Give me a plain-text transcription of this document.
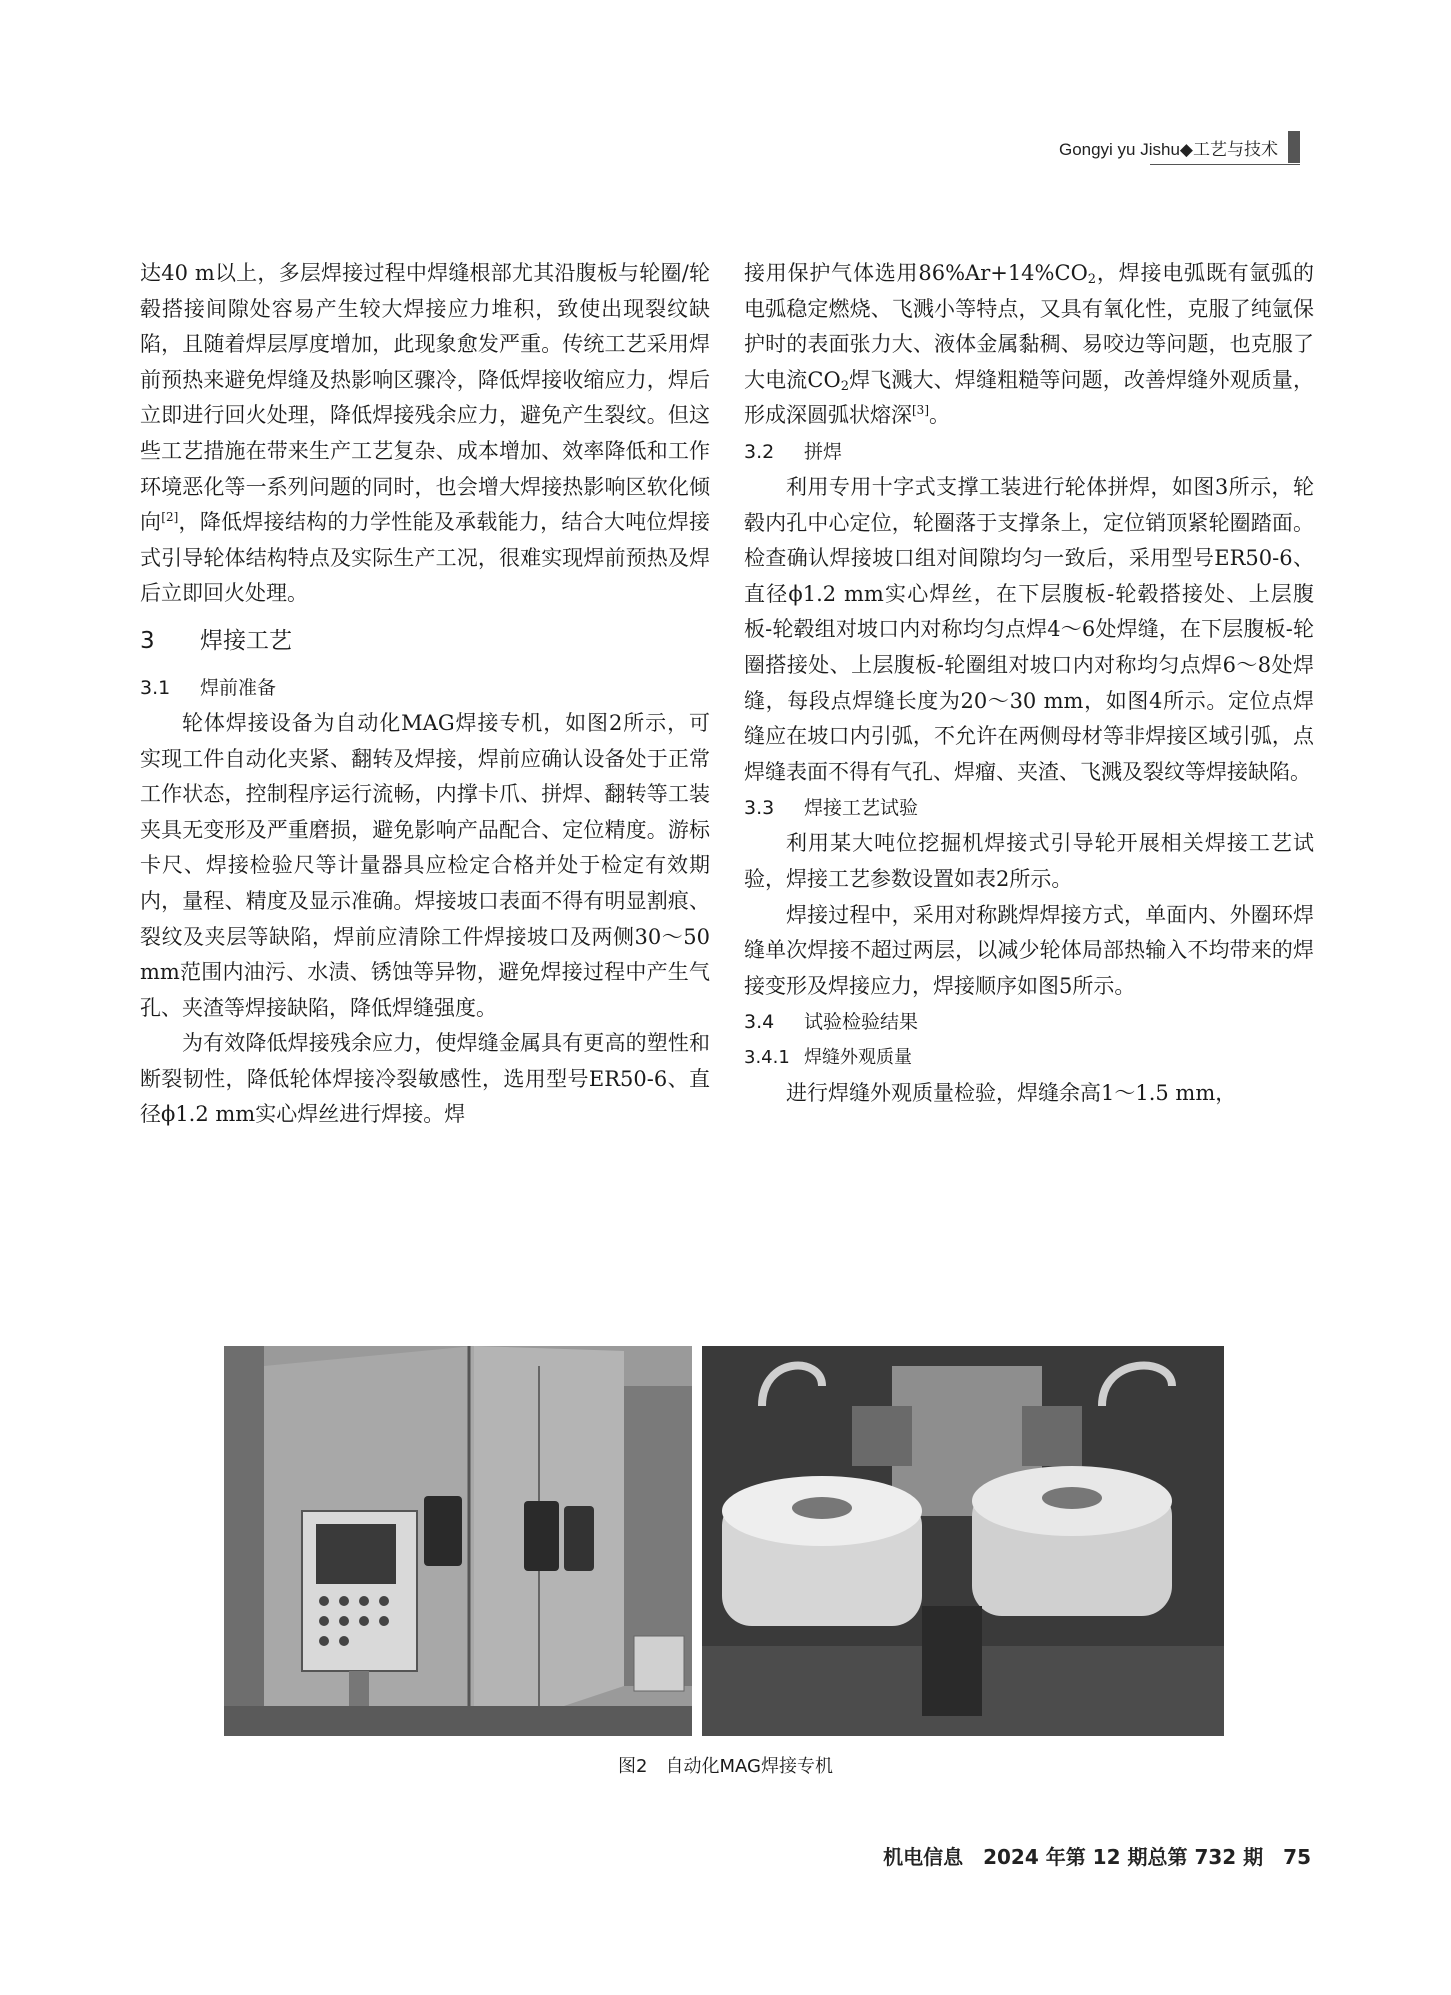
Gongyi yu Jishu◆工艺与技术

达40 m以上，多层焊接过程中焊缝根部尤其沿腹板与轮圈/轮毂搭接间隙处容易产生较大焊接应力堆积，致使出现裂纹缺陷，且随着焊层厚度增加，此现象愈发严重。传统工艺采用焊前预热来避免焊缝及热影响区骤冷，降低焊接收缩应力，焊后立即进行回火处理，降低焊接残余应力，避免产生裂纹。但这些工艺措施在带来生产工艺复杂、成本增加、效率降低和工作环境恶化等一系列问题的同时，也会增大焊接热影响区软化倾向[2]，降低焊接结构的力学性能及承载能力，结合大吨位焊接式引导轮体结构特点及实际生产工况，很难实现焊前预热及焊后立即回火处理。

3 焊接工艺
3.1 焊前准备

轮体焊接设备为自动化MAG焊接专机，如图2所示，可实现工件自动化夹紧、翻转及焊接，焊前应确认设备处于正常工作状态，控制程序运行流畅，内撑卡爪、拼焊、翻转等工装夹具无变形及严重磨损，避免影响产品配合、定位精度。游标卡尺、焊接检验尺等计量器具应检定合格并处于检定有效期内，量程、精度及显示准确。焊接坡口表面不得有明显割痕、裂纹及夹层等缺陷，焊前应清除工件焊接坡口及两侧30～50 mm范围内油污、水渍、锈蚀等异物，避免焊接过程中产生气孔、夹渣等焊接缺陷，降低焊缝强度。

为有效降低焊接残余应力，使焊缝金属具有更高的塑性和断裂韧性，降低轮体焊接冷裂敏感性，选用型号ER50-6、直径ϕ1.2 mm实心焊丝进行焊接。焊

接用保护气体选用$86\%Ar+14\%CO_2$，焊接电弧既有氩弧的电弧稳定燃烧、飞溅小等特点，又具有氧化性，克服了纯氩保护时的表面张力大、液体金属黏稠、易咬边等问题，也克服了大电流$CO_2$焊飞溅大、焊缝粗糙等问题，改善焊缝外观质量，形成深圆弧状熔深[3]。

3.2 拼焊

利用专用十字式支撑工装进行轮体拼焊，如图3所示，轮毂内孔中心定位，轮圈落于支撑条上，定位销顶紧轮圈踏面。检查确认焊接坡口组对间隙均匀一致后，采用型号ER50-6、直径ϕ1.2 mm实心焊丝，在下层腹板-轮毂搭接处、上层腹板-轮毂组对坡口内对称均匀点焊4～6处焊缝，在下层腹板-轮圈搭接处、上层腹板-轮圈组对坡口内对称均匀点焊6～8处焊缝，每段点焊缝长度为20～30 mm，如图4所示。定位点焊缝应在坡口内引弧，不允许在两侧母材等非焊接区域引弧，点焊缝表面不得有气孔、焊瘤、夹渣、飞溅及裂纹等焊接缺陷。

3.3 焊接工艺试验

利用某大吨位挖掘机焊接式引导轮开展相关焊接工艺试验，焊接工艺参数设置如表2所示。

焊接过程中，采用对称跳焊焊接方式，单面内、外圈环焊缝单次焊接不超过两层，以减少轮体局部热输入不均带来的焊接变形及焊接应力，焊接顺序如图5所示。

3.4 试验检验结果
3.4.1 焊缝外观质量

进行焊缝外观质量检验，焊缝余高1～1.5 mm，

图2　自动化MAG焊接专机
机电信息 2024 年第 12 期总第 732 期 75
